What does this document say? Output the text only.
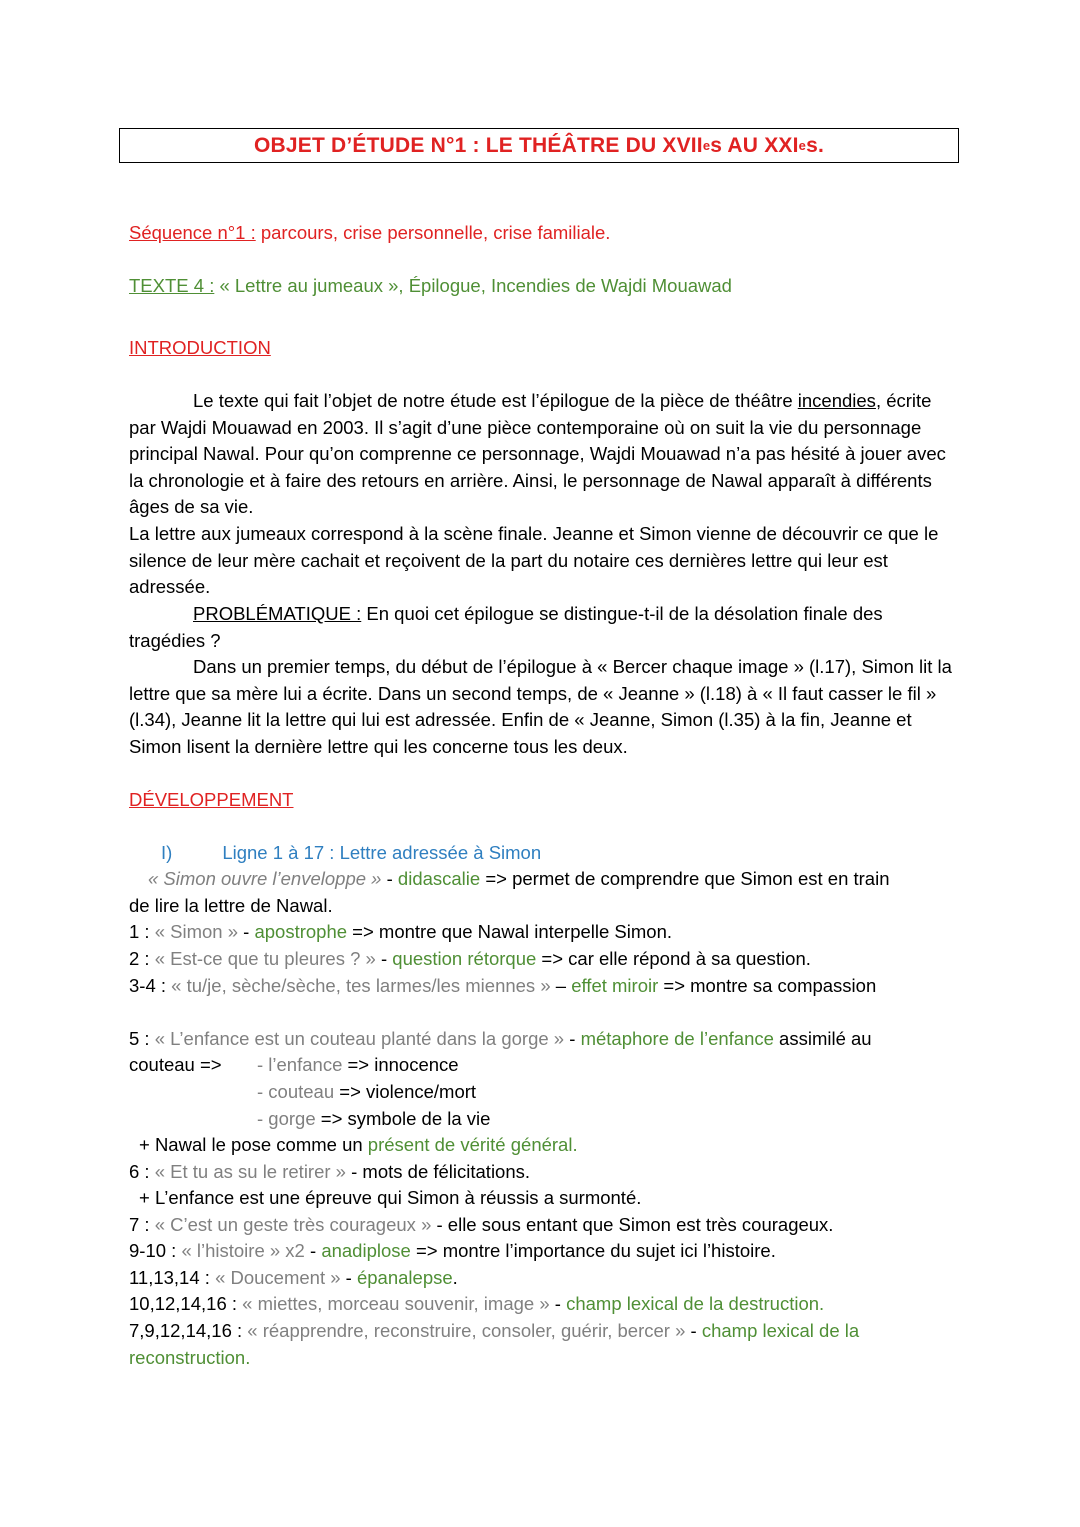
OBJET D’ÉTUDE N°1 : LE THÉÂTRE DU XVII e s AU XXI e s.
Séquence n°1 : parcours, crise personnelle, crise familiale.
TEXTE 4 : « Lettre au jumeaux », Épilogue, Incendies de Wajdi Mouawad
INTRODUCTION
Le texte qui fait l’objet de notre étude est l’épilogue de la pièce de théâtre incendies, écrite par Wajdi Mouawad en 2003. Il s’agit d’une pièce contemporaine où on suit la vie du personnage principal Nawal. Pour qu’on comprenne ce personnage, Wajdi Mouawad n’a pas hésité à jouer avec la chronologie et à faire des retours en arrière. Ainsi, le personnage de Nawal apparaît à différents âges de sa vie.
La lettre aux jumeaux correspond à la scène finale. Jeanne et Simon vienne de découvrir ce que le silence de leur mère cachait et reçoivent de la part du notaire ces dernières lettre qui leur est adressée.
PROBLÉMATIQUE : En quoi cet épilogue se distingue-t-il de la désolation finale des tragédies ?
Dans un premier temps, du début de l’épilogue à « Bercer chaque image » (l.17), Simon lit la lettre que sa mère lui a écrite. Dans un second temps, de « Jeanne » (l.18) à « Il faut casser le fil » (l.34), Jeanne lit la lettre qui lui est adressée. Enfin de « Jeanne, Simon (l.35) à la fin, Jeanne et Simon lisent la dernière lettre qui les concerne tous les deux.
DÉVELOPPEMENT
I)	Ligne 1 à 17 : Lettre adressée à Simon
« Simon ouvre l’enveloppe » - didascalie => permet de comprendre que Simon est en train
de lire la lettre de Nawal.
1 : « Simon » - apostrophe => montre que Nawal interpelle Simon.
2 : « Est-ce que tu pleures ? » - question rétorque => car elle répond à sa question.
3-4 : « tu/je, sèche/sèche, tes larmes/les miennes » – effet miroir => montre sa compassion
5 : « L’enfance est un couteau planté dans la gorge » - métaphore de l’enfance assimilé au
couteau => - l’enfance => innocence
- couteau => violence/mort
- gorge => symbole de la vie
+ Nawal le pose comme un présent de vérité général.
6 : « Et tu as su le retirer » - mots de félicitations.
+ L’enfance est une épreuve qui Simon à réussis a surmonté.
7 : « C’est un geste très courageux » - elle sous entant que Simon est très courageux.
9-10 : « l’histoire » x2 - anadiplose => montre l’importance du sujet ici l’histoire.
11,13,14 : « Doucement » - épanalepse.
10,12,14,16 : « miettes, morceau souvenir, image » - champ lexical de la destruction.
7,9,12,14,16 : « réapprendre, reconstruire, consoler, guérir, bercer » - champ lexical de la
reconstruction.
